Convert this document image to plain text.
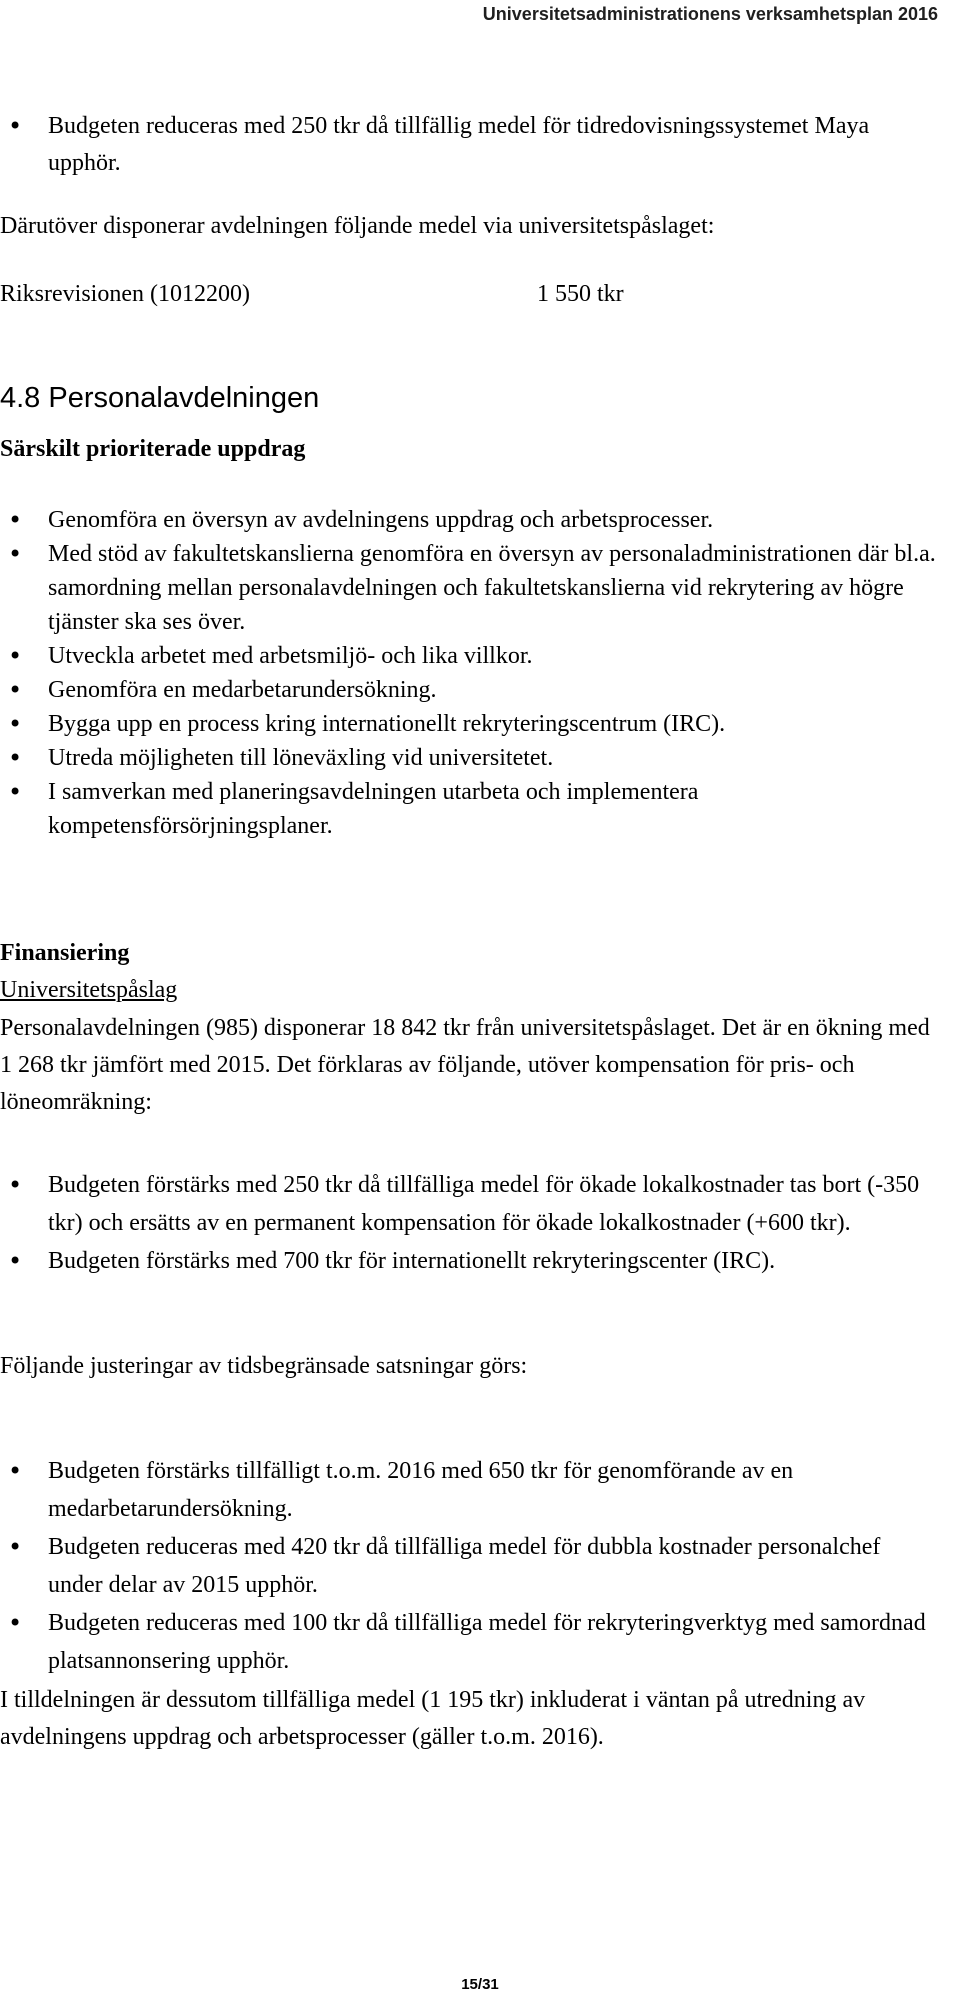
Universitetsadministrationens verksamhetsplan 2016
• Budgeten reduceras med 250 tkr då tillfällig medel för tidredovisningssystemet Maya upphör.

Därutöver disponerar avdelningen följande medel via universitetspåslaget:

Riksrevisionen (1012200)	1 550 tkr
4.8 Personalavdelningen
Särskilt prioriterade uppdrag
• Genomföra en översyn av avdelningens uppdrag och arbetsprocesser.
• Med stöd av fakultetskanslierna genomföra en översyn av personaladministrationen där bl.a. samordning mellan personalavdelningen och fakultetskanslierna vid rekrytering av högre tjänster ska ses över.
• Utveckla arbetet med arbetsmiljö- och lika villkor.
• Genomföra en medarbetarundersökning.
• Bygga upp en process kring internationellt rekryteringscentrum (IRC).
• Utreda möjligheten till löneväxling vid universitetet.
• I samverkan med planeringsavdelningen utarbeta och implementera kompetensförsörjningsplaner.
Finansiering
Universitetspåslag

Personalavdelningen (985) disponerar 18 842 tkr från universitetspåslaget. Det är en ökning med 1 268 tkr jämfört med 2015. Det förklaras av följande, utöver kompensation för pris- och löneomräkning:

• Budgeten förstärks med 250 tkr då tillfälliga medel för ökade lokalkostnader tas bort (-350 tkr) och ersätts av en permanent kompensation för ökade lokalkostnader (+600 tkr).
• Budgeten förstärks med 700 tkr för internationellt rekryteringscenter (IRC).

Följande justeringar av tidsbegränsade satsningar görs:

• Budgeten förstärks tillfälligt t.o.m. 2016 med 650 tkr för genomförande av en medarbetarundersökning.
• Budgeten reduceras med 420 tkr då tillfälliga medel för dubbla kostnader personalchef under delar av 2015 upphör.
• Budgeten reduceras med 100 tkr då tillfälliga medel för rekryteringverktyg med samordnad platsannonsering upphör.

I tilldelningen är dessutom tillfälliga medel (1 195 tkr) inkluderat i väntan på utredning av avdelningens uppdrag och arbetsprocesser (gäller t.o.m. 2016).

15/31
